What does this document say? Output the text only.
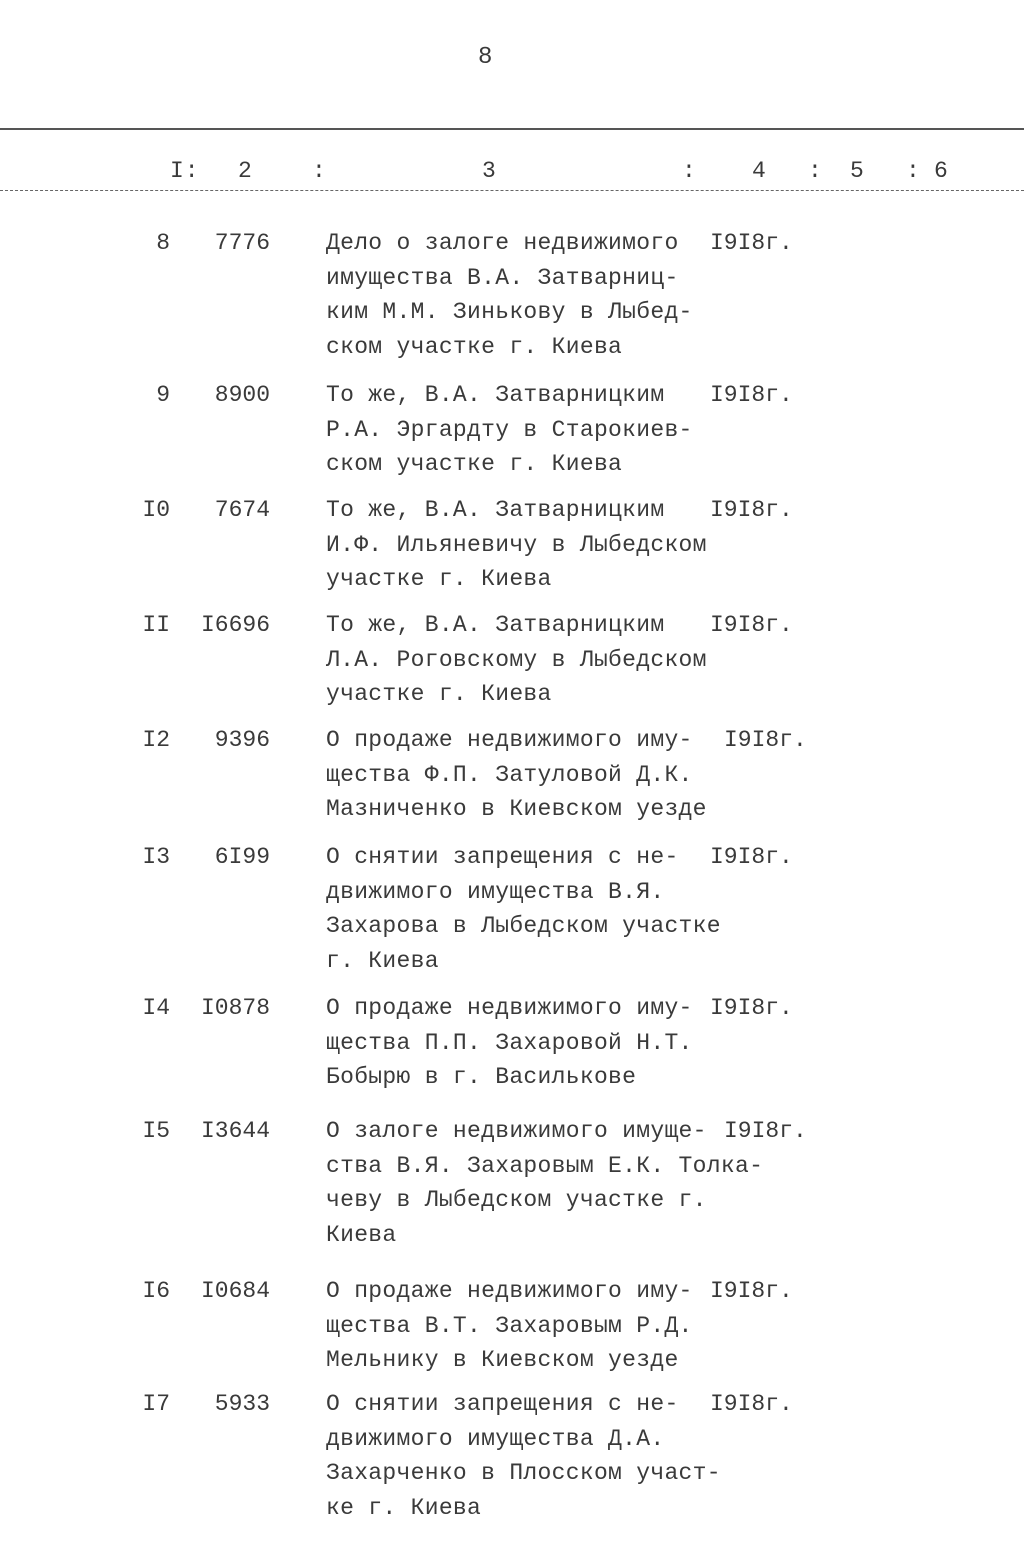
8
I: 2	:	3	: 4 : 5 : 6
8	7776 Дело о залоге недвижимого
имущества В.А. Затварниц-
ким М.М. Зинькову в Лыбед-
ском участке г. Киева
I9I8г.
9	8900 То же, В.А. Затварницким
Р.А. Эргардту в Старокиев-
ском участке г. Киева
I9I8г.
I0	7674 То же, В.А. Затварницким
И.Ф. Ильяневичу в Лыбедском
участке г. Киева
I9I8г.
II	I6696 То же, В.А. Затварницким
Л.А. Роговскому в Лыбедском
участке г. Киева
I9I8г.
I2	9396 О продаже недвижимого иму-
щества Ф.П. Затуловой Д.К.
Мазниченко в Киевском уезде
I9I8г.
I3	6I99 О снятии запрещения с не-
движимого имущества В.Я.
Захарова в Лыбедском участке
г. Киева
I9I8г.
I4	I0878 О продаже недвижимого иму-
щества П.П. Захаровой Н.Т.
Бобырю в г. Василькове
I9I8г.
I5	I3644 О залоге недвижимого имуще-
ства В.Я. Захаровым Е.К. Толка-
чеву в Лыбедском участке г.
Киева
I9I8г.
I6	I0684 О продаже недвижимого иму-
щества В.Т. Захаровым Р.Д.
Мельнику в Киевском уезде
I9I8г.
I7	5933 О снятии запрещения с не-
движимого имущества Д.А.
Захарченко в Плосском участ-
ке г. Киева
I9I8г.
